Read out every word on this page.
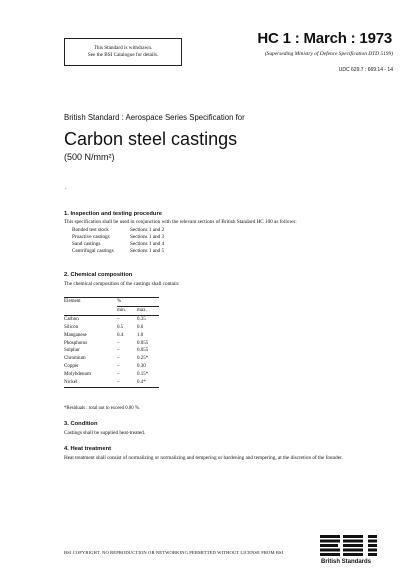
This Standard is withdrawn.
See the BSI Catalogue for details.
HC 1 : March : 1973
(Superseding Ministry of Defence Specification DTD 5199)
UDC 629.7 : 669.14 - 14
British Standard : Aerospace Series Specification for
Carbon steel castings
(500 N/mm²)
.
1. Inspection and testing procedure
This specification shall be used in conjunction with the relevant sections of British Standard HC 100 as follows:
Bonded test stock	Sections 1 and 2
Proactive castings	Sections 1 and 3
Sand castings	Sections 1 and 4
Centrifugal castings	Sections 1 and 5
2. Chemical composition
The chemical composition of the castings shall contain:
Element	%	
	min.	max.
Carbon	–	0.35
Silicon	0.5	0.6
Manganese	0.4	1.0
Phosphorus	–	0.055
Sulphur	–	0.055
Chromium	–	0.25*
Copper	–	0.30
Molybdenum	–	0.15*
Nickel	–	0.4*
*Residuals : total not to exceed 0.80 %.
3. Condition
Castings shall be supplied heat-treated.
4. Heat treatment
Heat treatment shall consist of normalizing or normalizing and tempering or hardening and tempering, at the discretion of the founder.
BSI COPYRIGHT. NO REPRODUCTION OR NETWORKING PERMITTED WITHOUT LICENSE FROM BSI
British Standards
